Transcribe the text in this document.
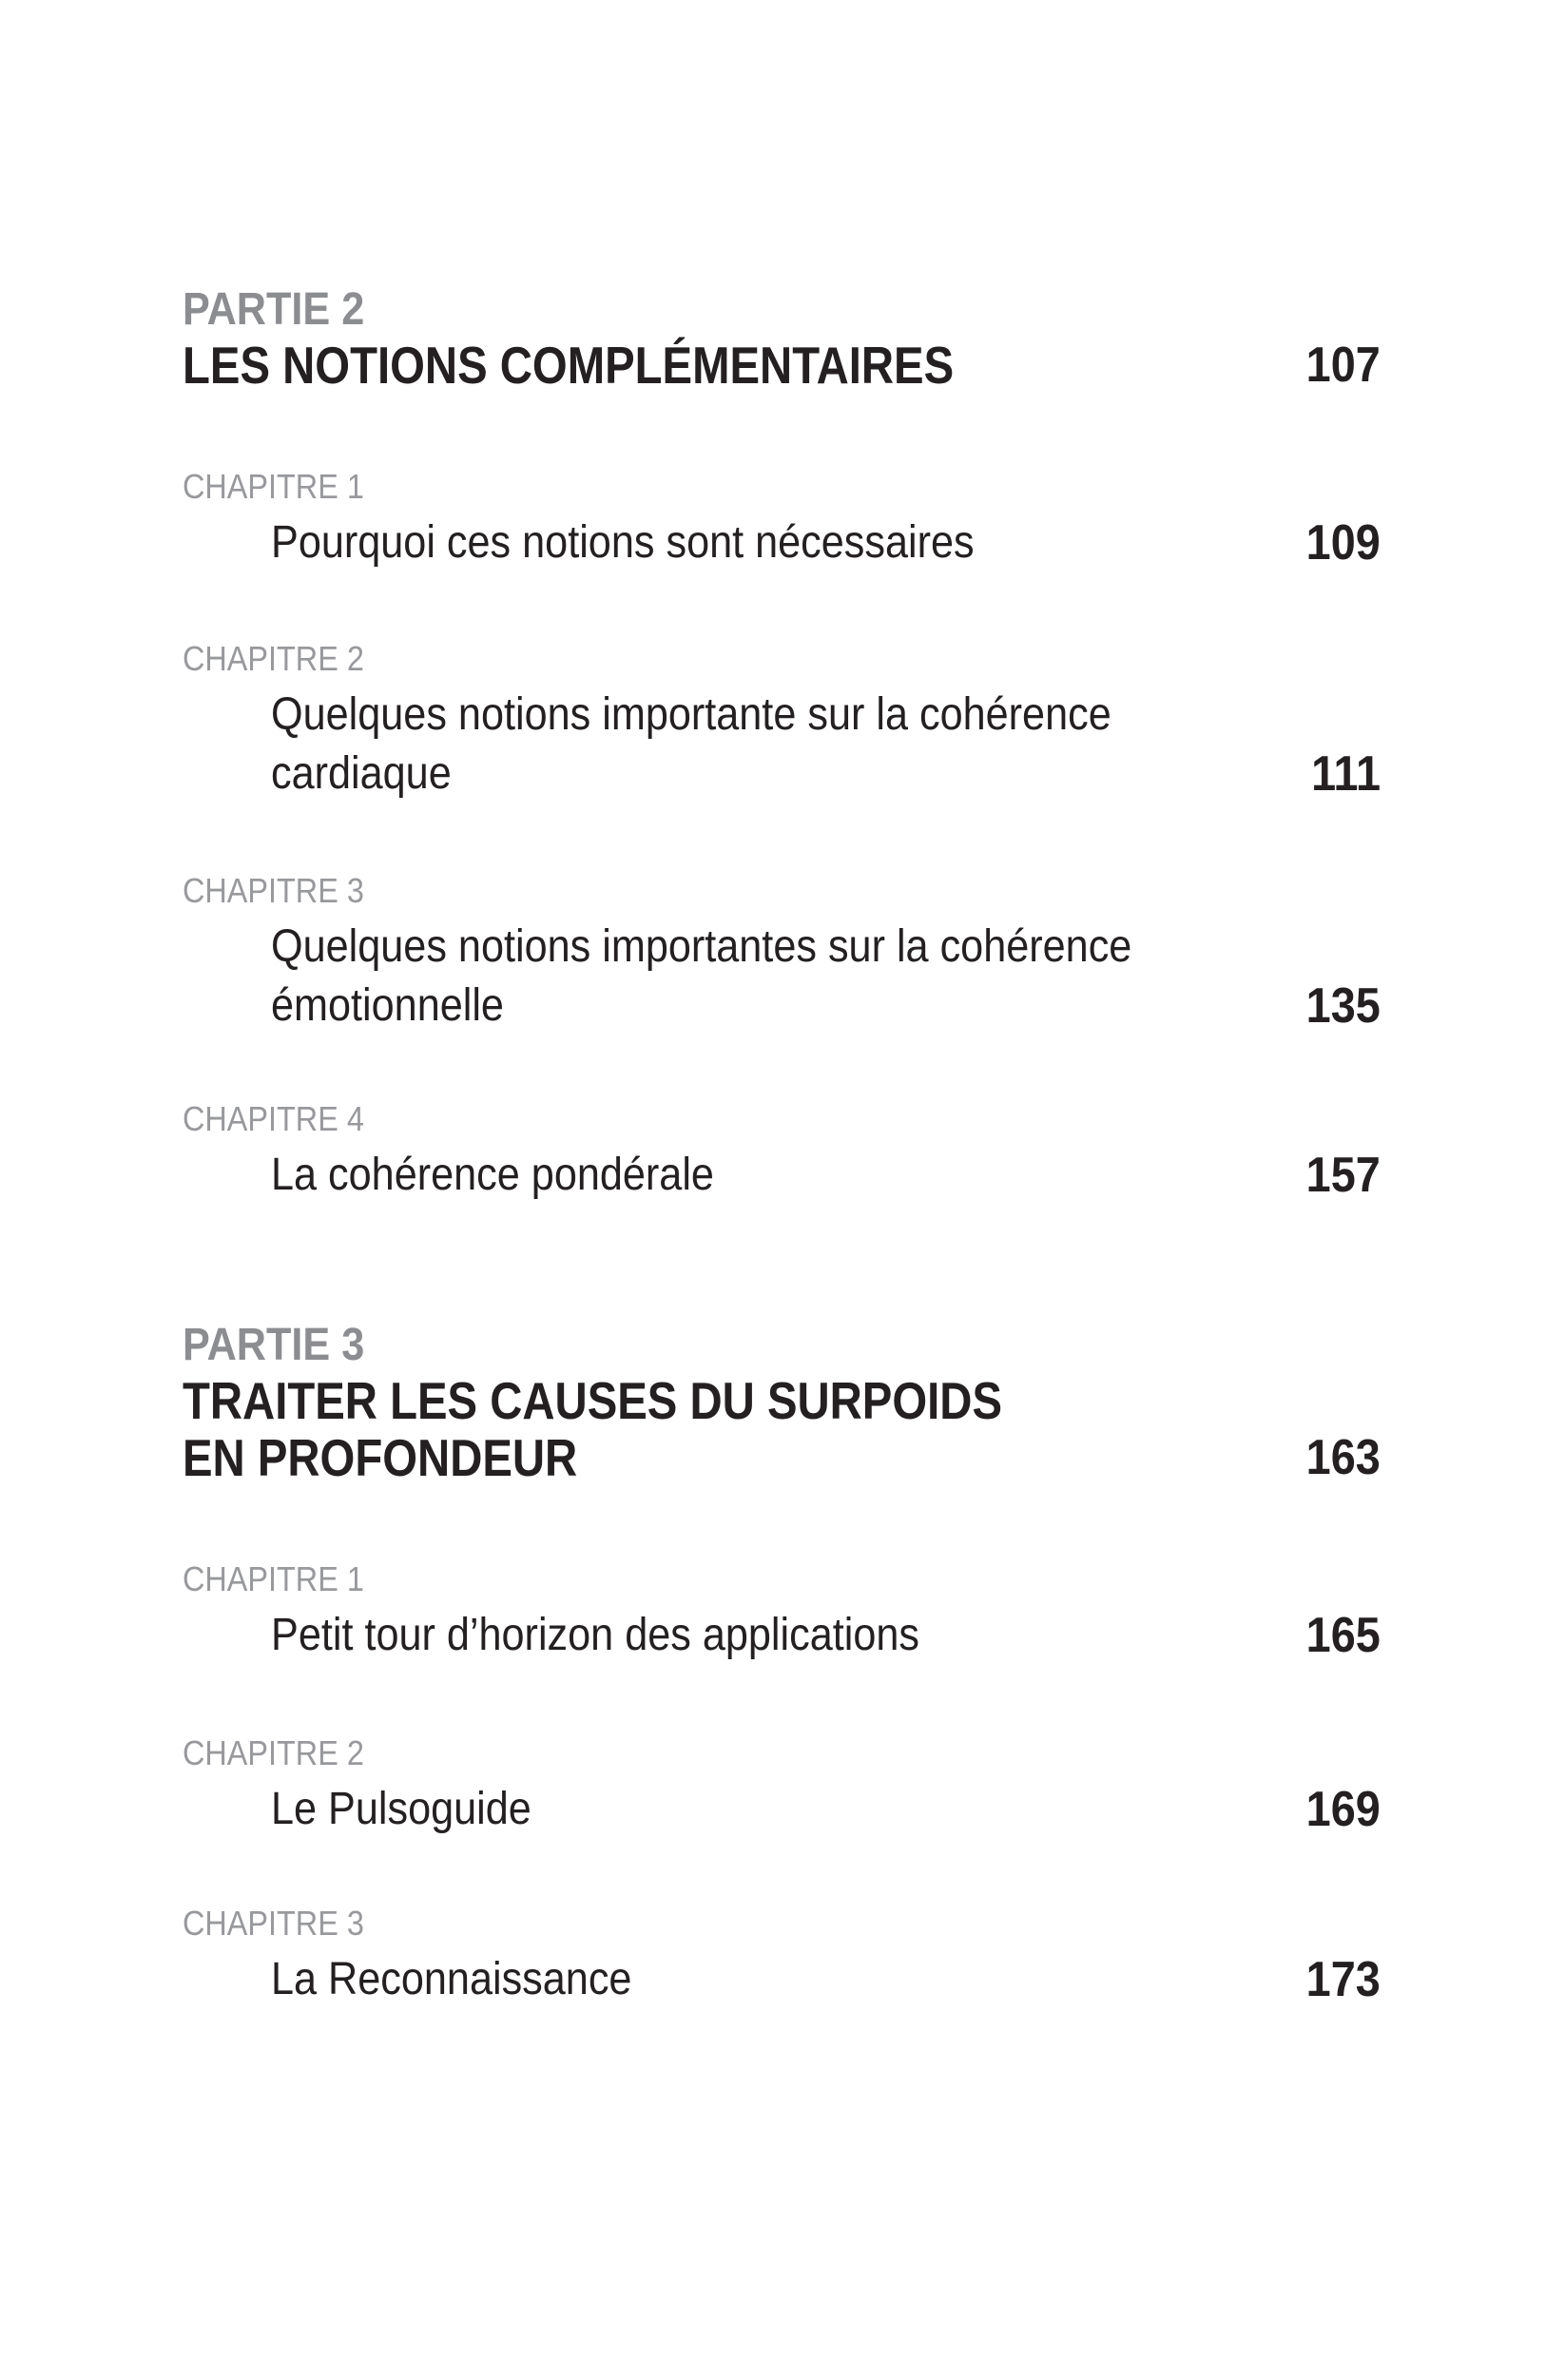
PARTIE 2
LES NOTIONS COMPLÉMENTAIRES	107
CHAPITRE 1
Pourquoi ces notions sont nécessaires	109
CHAPITRE 2
Quelques notions importante sur la cohérence
cardiaque	111
CHAPITRE 3
Quelques notions importantes sur la cohérence
émotionnelle	135
CHAPITRE 4
La cohérence pondérale	157
PARTIE 3
TRAITER LES CAUSES DU SURPOIDS
EN PROFONDEUR	163
CHAPITRE 1
Petit tour d’horizon des applications	165
CHAPITRE 2
Le Pulsoguide	169
CHAPITRE 3
La Reconnaissance	173
